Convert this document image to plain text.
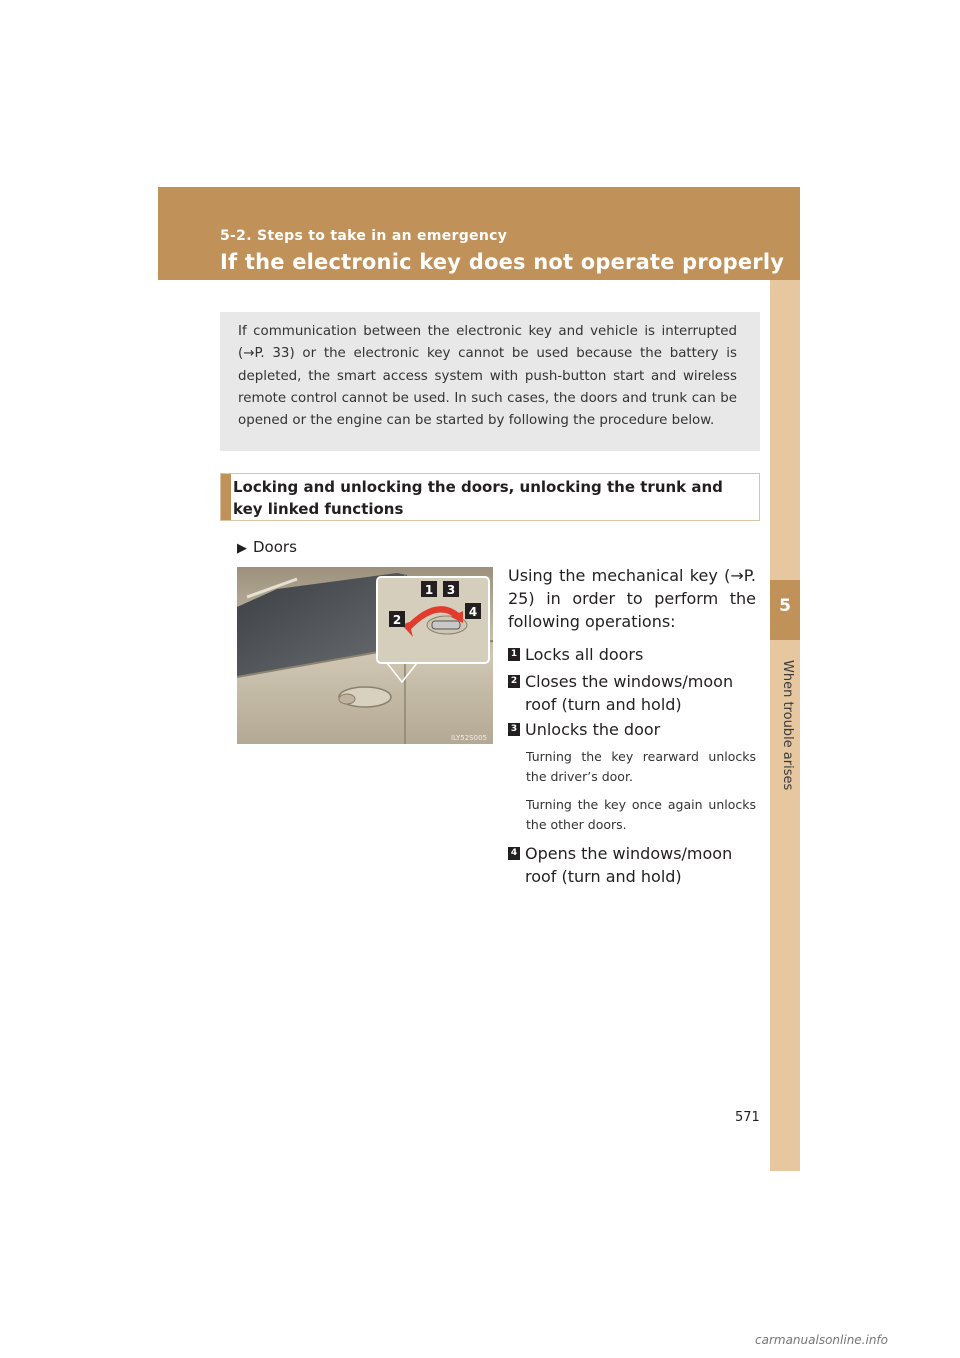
5-2. Steps to take in an emergency
If the electronic key does not operate properly
5
When trouble arises
If communication between the electronic key and vehicle is interrupted (→P. 33) or the electronic key cannot be used because the battery is depleted, the smart access system with push-button start and wireless remote control cannot be used. In such cases, the doors and trunk can be opened or the engine can be started by following the procedure below.
Locking and unlocking the doors, unlocking the trunk and key linked functions
▶ Doors
1
2
3
4
ILY52S005
Using the mechanical key (→P. 25) in order to perform the following operations:
1 Locks all doors
2 Closes the windows/moon roof (turn and hold)
3 Unlocks the door
Turning the key rearward unlocks the driver’s door.
Turning the key once again unlocks the other doors.
4 Opens the windows/moon roof (turn and hold)
571
carmanualsonline.info
